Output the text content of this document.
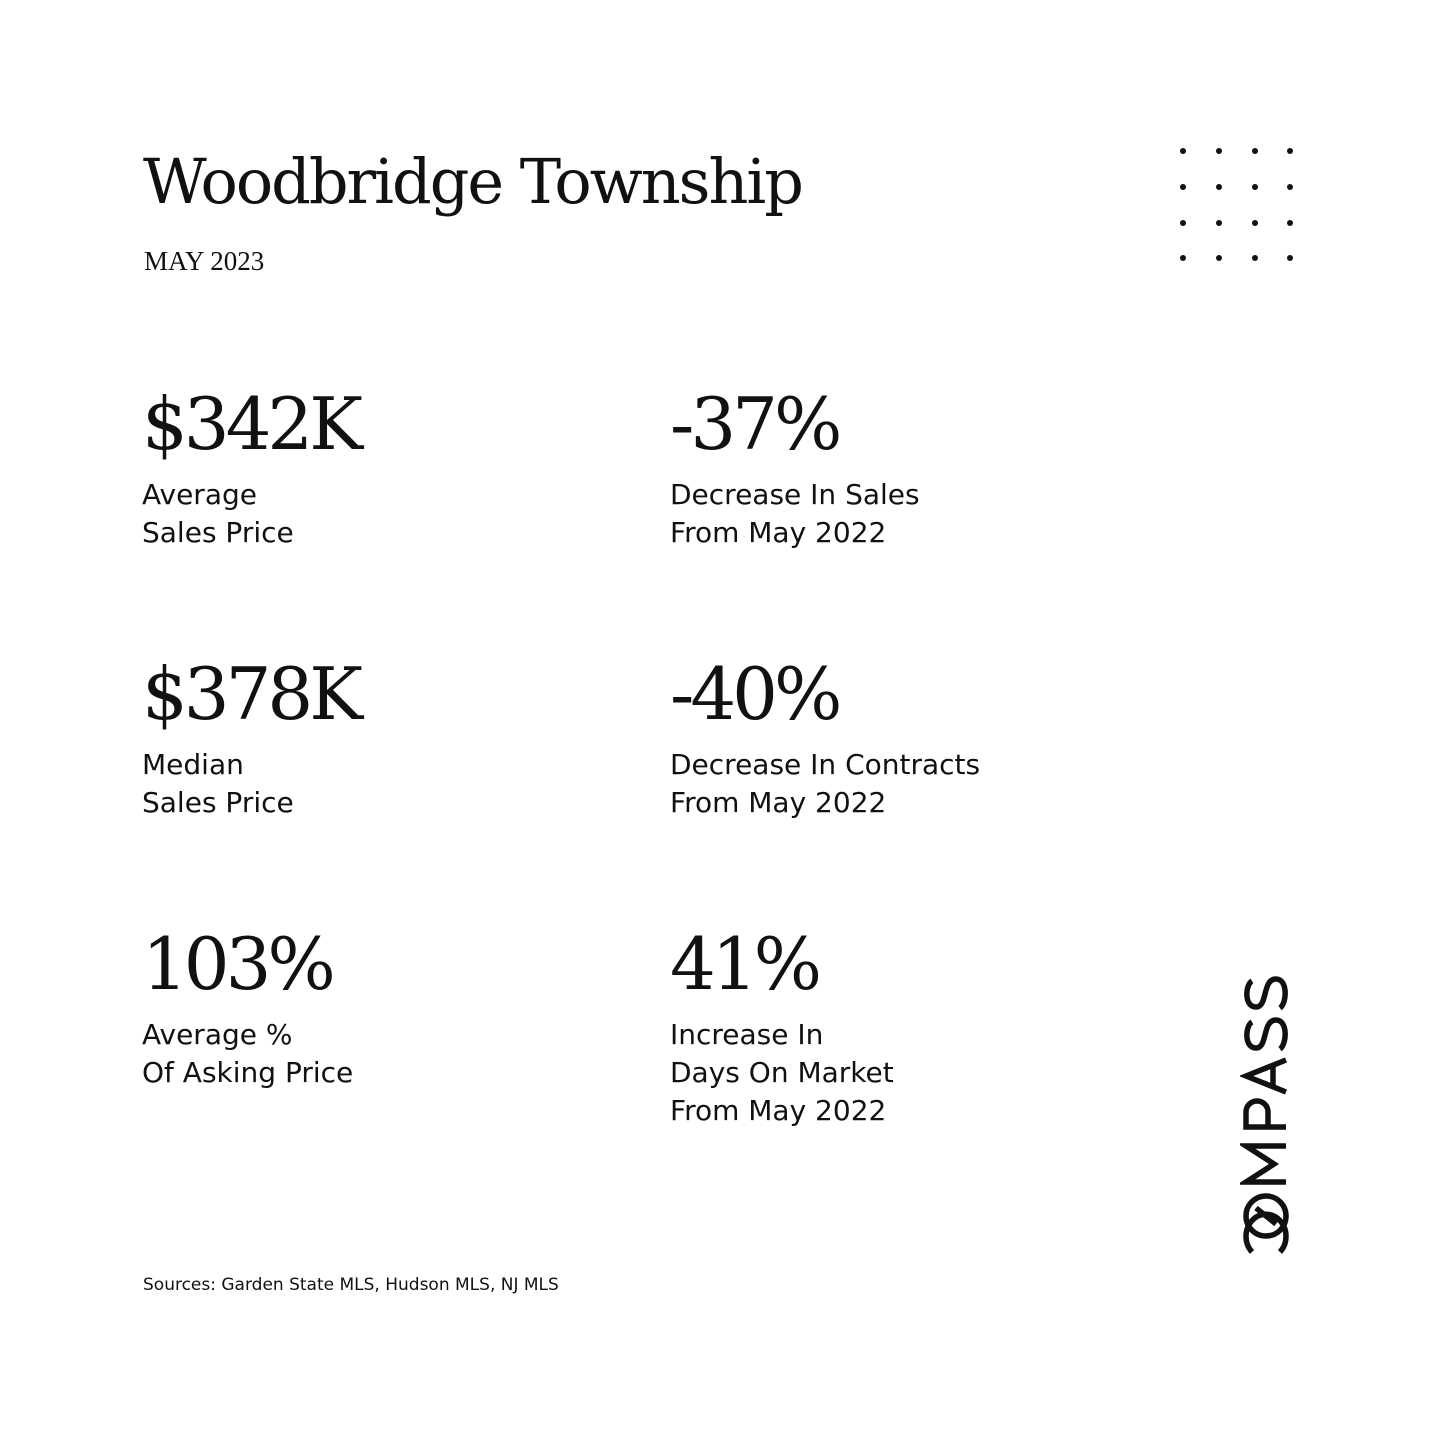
Woodbridge Township
MAY 2023
$342K
Average
Sales Price
-37%
Decrease In Sales
From May 2022
$378K
Median
Sales Price
-40%
Decrease In Contracts
From May 2022
103%
Average %
Of Asking Price
41%
Increase In
Days On Market
From May 2022
Sources: Garden State MLS, Hudson MLS, NJ MLS
